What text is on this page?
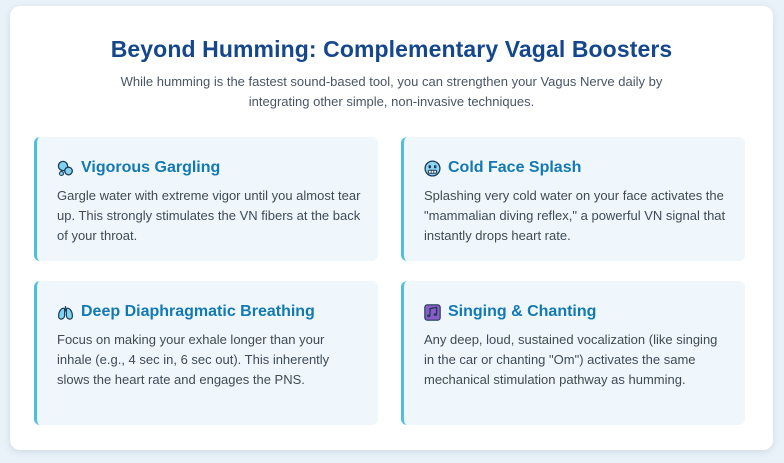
Beyond Humming: Complementary Vagal Boosters
While humming is the fastest sound-based tool, you can strengthen your Vagus Nerve daily by integrating other simple, non-invasive techniques.
Vigorous Gargling
Gargle water with extreme vigor until you almost tear up. This strongly stimulates the VN fibers at the back of your throat.
Cold Face Splash
Splashing very cold water on your face activates the "mammalian diving reflex," a powerful VN signal that instantly drops heart rate.
Deep Diaphragmatic Breathing
Focus on making your exhale longer than your inhale (e.g., 4 sec in, 6 sec out). This inherently slows the heart rate and engages the PNS.
Singing & Chanting
Any deep, loud, sustained vocalization (like singing in the car or chanting "Om") activates the same mechanical stimulation pathway as humming.
